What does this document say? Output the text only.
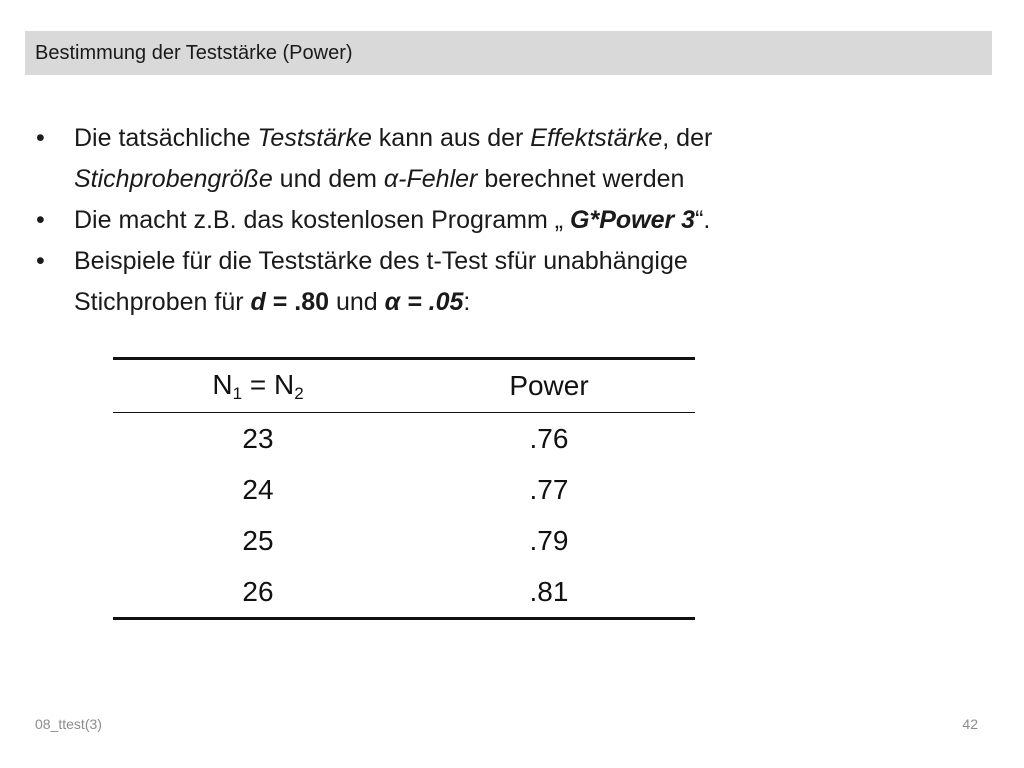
Bestimmung der Teststärke (Power)
•	Die tatsächliche Teststärke kann aus der Effektstärke, der
Stichprobengröße und dem α-Fehler berechnet werden
•	Die macht z.B. das kostenlosen Programm „ G*Power 3“.
•	Beispiele für die Teststärke des t-Test sfür unabhängige
Stichproben für d = .80 und α = .05:
$N_1 = N_2$	Power
23	.76
24	.77
25	.79
26	.81
08_ttest(3)	42
